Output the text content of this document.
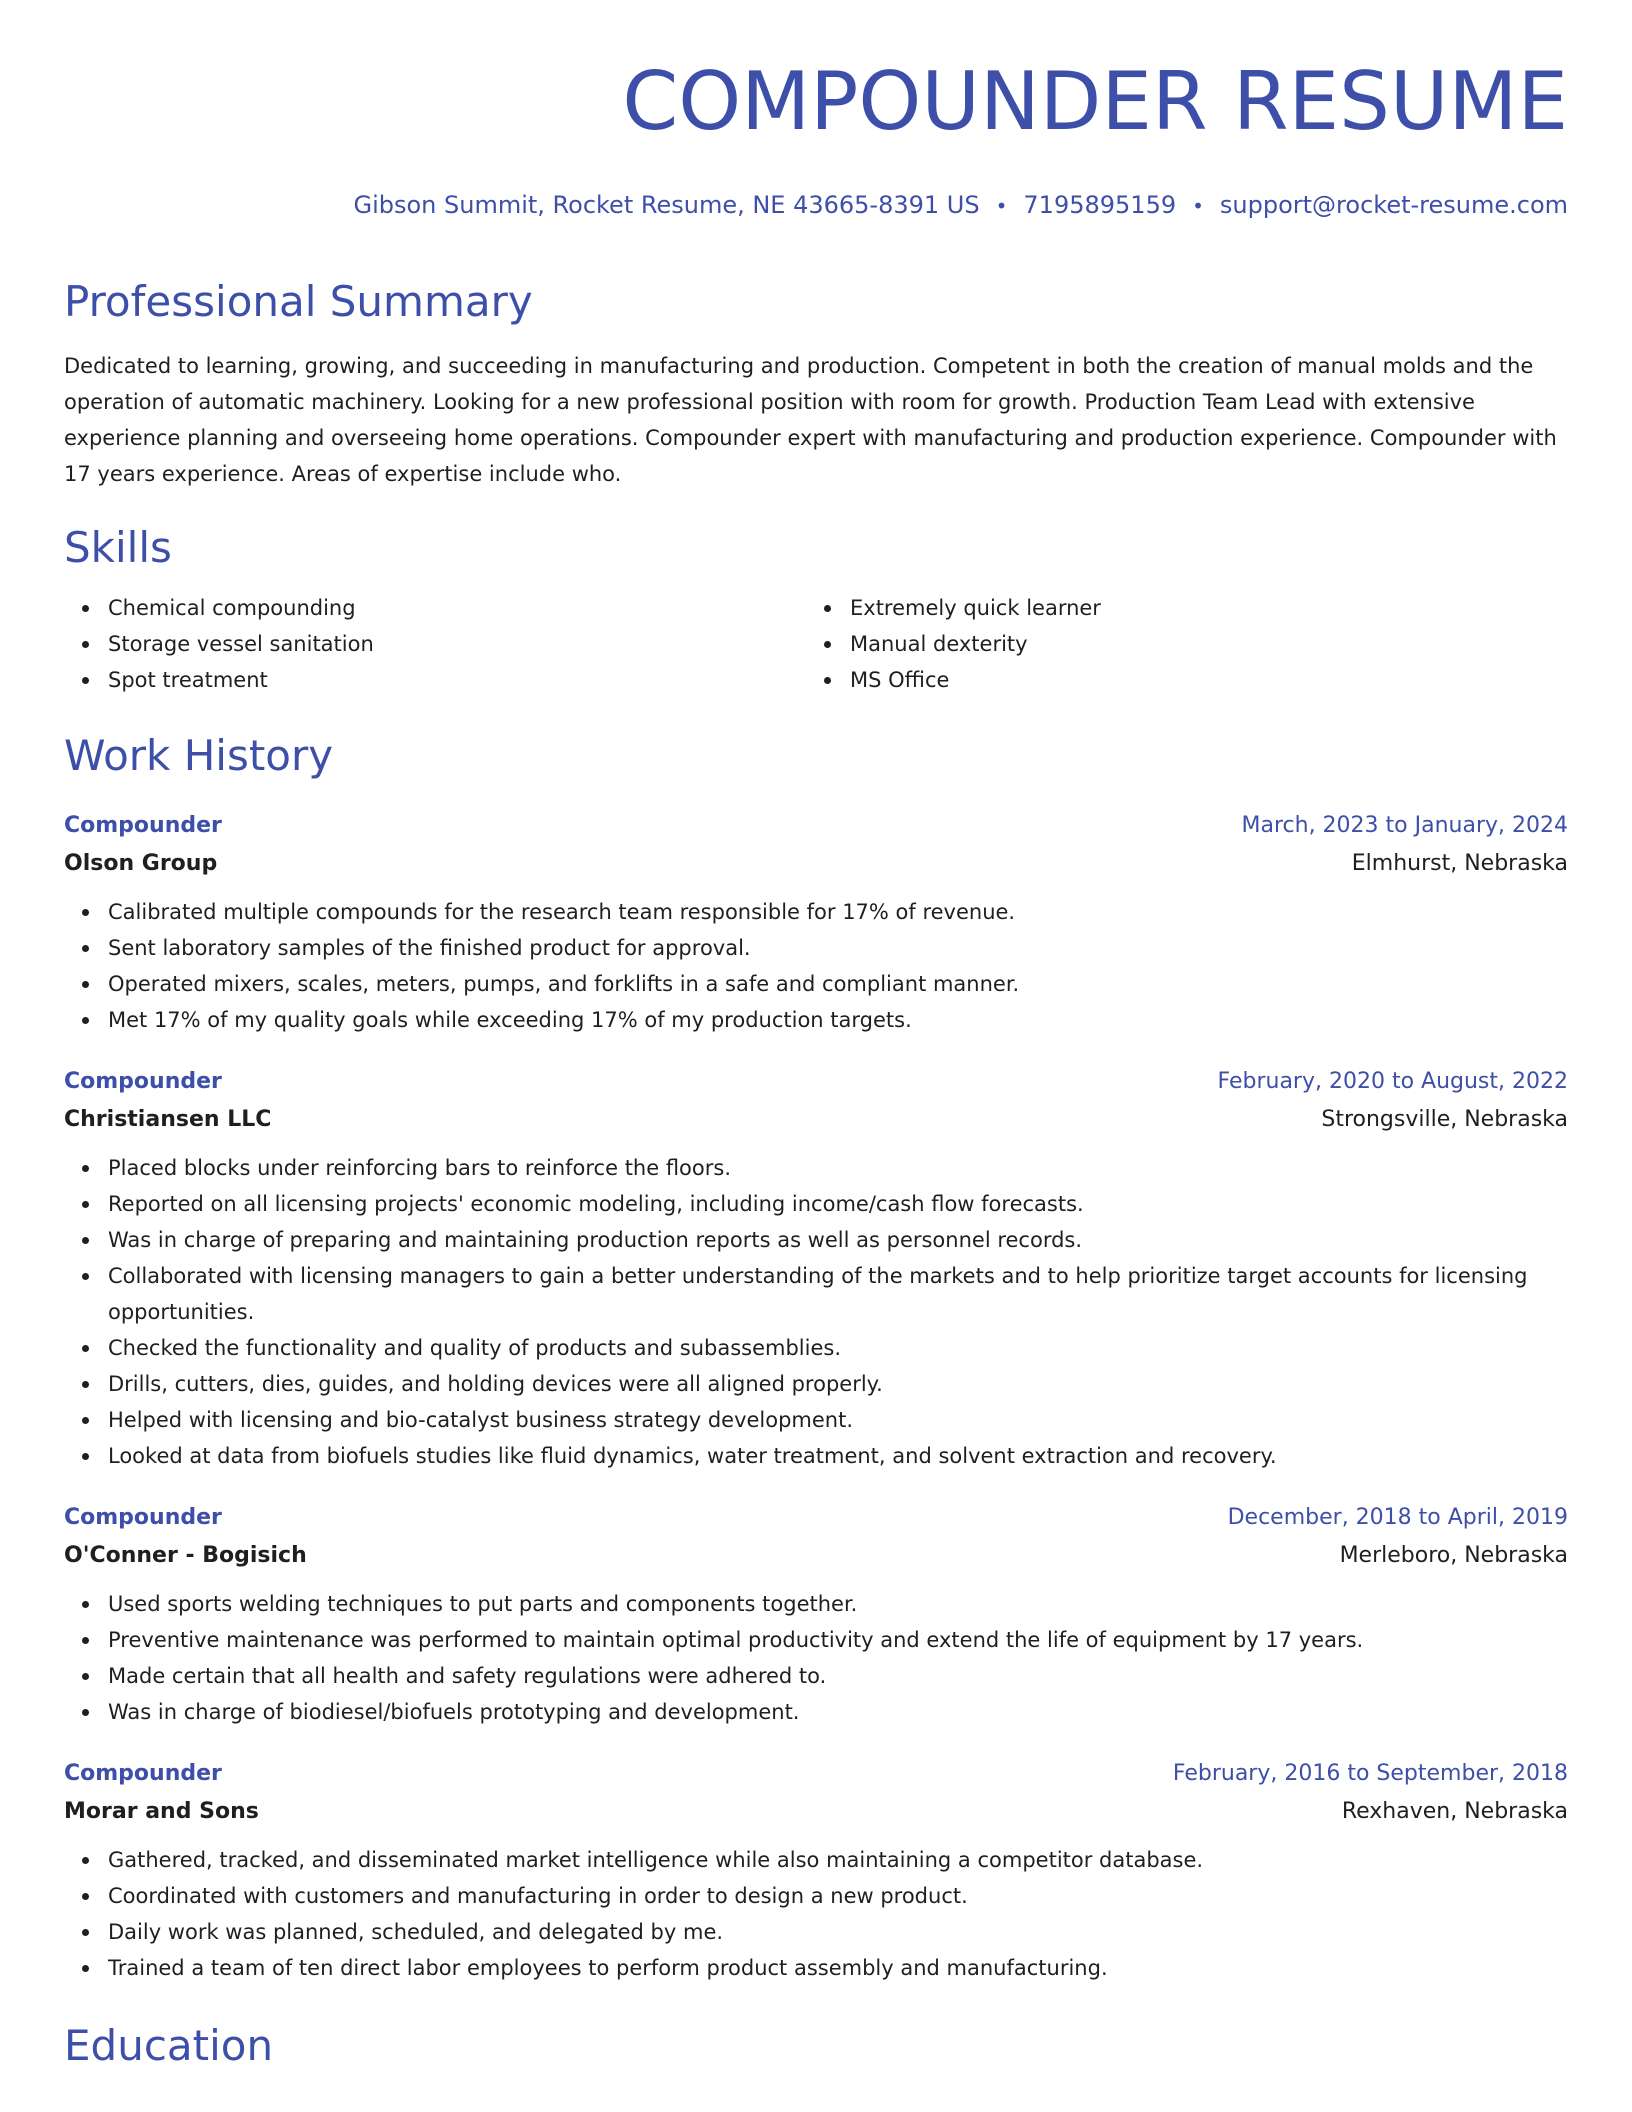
COMPOUNDER RESUME
Gibson Summit, Rocket Resume, NE 43665-8391 US • 7195895159 • support@rocket-resume.com
Professional Summary
Dedicated to learning, growing, and succeeding in manufacturing and production. Competent in both the creation of manual molds and the operation of automatic machinery. Looking for a new professional position with room for growth. Production Team Lead with extensive experience planning and overseeing home operations. Compounder expert with manufacturing and production experience. Compounder with 17 years experience. Areas of expertise include who.
Skills
Chemical compounding
Storage vessel sanitation
Spot treatment
Extremely quick learner
Manual dexterity
MS Office
Work History
Compounder	March, 2023 to January, 2024
Olson Group	Elmhurst, Nebraska
Calibrated multiple compounds for the research team responsible for 17% of revenue.
Sent laboratory samples of the finished product for approval.
Operated mixers, scales, meters, pumps, and forklifts in a safe and compliant manner.
Met 17% of my quality goals while exceeding 17% of my production targets.
Compounder	February, 2020 to August, 2022
Christiansen LLC	Strongsville, Nebraska
Placed blocks under reinforcing bars to reinforce the floors.
Reported on all licensing projects' economic modeling, including income/cash flow forecasts.
Was in charge of preparing and maintaining production reports as well as personnel records.
Collaborated with licensing managers to gain a better understanding of the markets and to help prioritize target accounts for licensing opportunities.
Checked the functionality and quality of products and subassemblies.
Drills, cutters, dies, guides, and holding devices were all aligned properly.
Helped with licensing and bio-catalyst business strategy development.
Looked at data from biofuels studies like fluid dynamics, water treatment, and solvent extraction and recovery.
Compounder	December, 2018 to April, 2019
O'Conner - Bogisich	Merleboro, Nebraska
Used sports welding techniques to put parts and components together.
Preventive maintenance was performed to maintain optimal productivity and extend the life of equipment by 17 years.
Made certain that all health and safety regulations were adhered to.
Was in charge of biodiesel/biofuels prototyping and development.
Compounder	February, 2016 to September, 2018
Morar and Sons	Rexhaven, Nebraska
Gathered, tracked, and disseminated market intelligence while also maintaining a competitor database.
Coordinated with customers and manufacturing in order to design a new product.
Daily work was planned, scheduled, and delegated by me.
Trained a team of ten direct labor employees to perform product assembly and manufacturing.
Education
